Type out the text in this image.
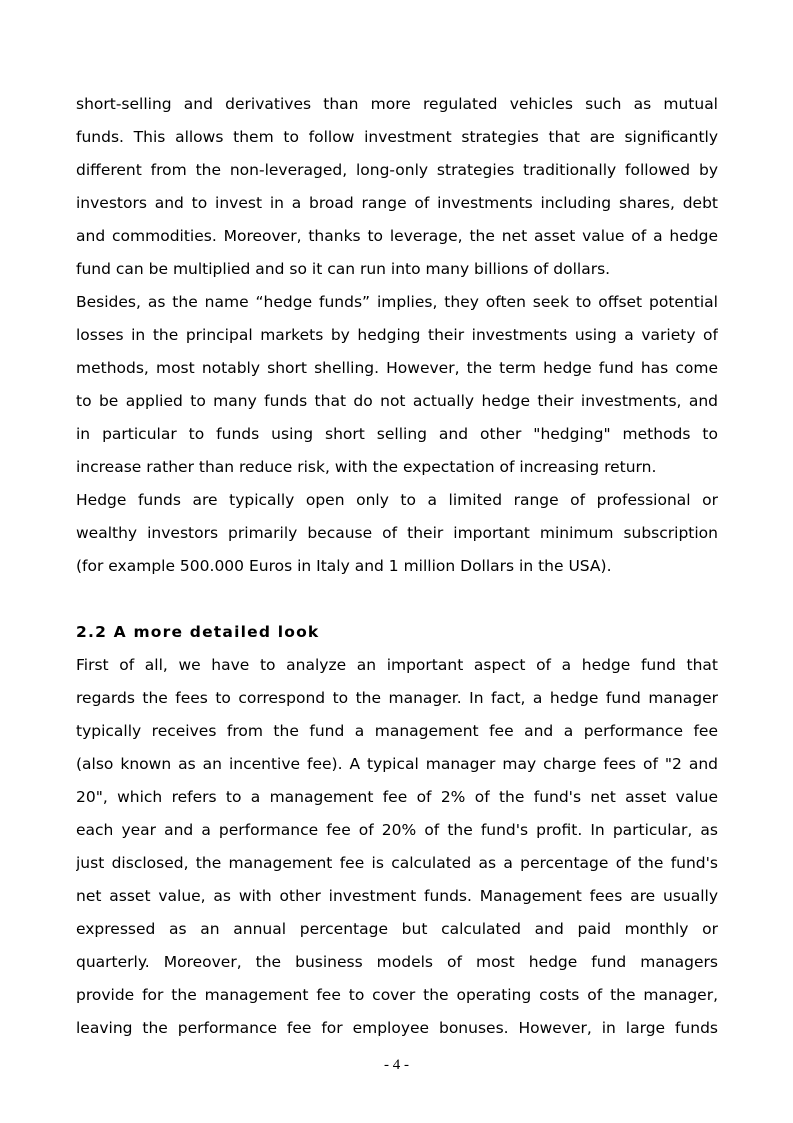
short-selling and derivatives than more regulated vehicles such as mutual
funds. This allows them to follow investment strategies that are significantly
different from the non-leveraged, long-only strategies traditionally followed by
investors and to invest in a broad range of investments including shares, debt
and commodities. Moreover, thanks to leverage, the net asset value of a hedge
fund can be multiplied and so it can run into many billions of dollars.
Besides, as the name “hedge funds” implies, they often seek to offset potential
losses in the principal markets by hedging their investments using a variety of
methods, most notably short shelling. However, the term hedge fund has come
to be applied to many funds that do not actually hedge their investments, and
in particular to funds using short selling and other "hedging" methods to
increase rather than reduce risk, with the expectation of increasing return.
Hedge funds are typically open only to a limited range of professional or
wealthy investors primarily because of their important minimum subscription
(for example 500.000 Euros in Italy and 1 million Dollars in the USA).
2.2 A more detailed look
First of all, we have to analyze an important aspect of a hedge fund that
regards the fees to correspond to the manager. In fact, a hedge fund manager
typically receives from the fund a management fee and a performance fee
(also known as an incentive fee). A typical manager may charge fees of "2 and
20", which refers to a management fee of 2% of the fund's net asset value
each year and a performance fee of 20% of the fund's profit. In particular, as
just disclosed, the management fee is calculated as a percentage of the fund's
net asset value, as with other investment funds. Management fees are usually
expressed as an annual percentage but calculated and paid monthly or
quarterly. Moreover, the business models of most hedge fund managers
provide for the management fee to cover the operating costs of the manager,
leaving the performance fee for employee bonuses. However, in large funds
- 4 -
